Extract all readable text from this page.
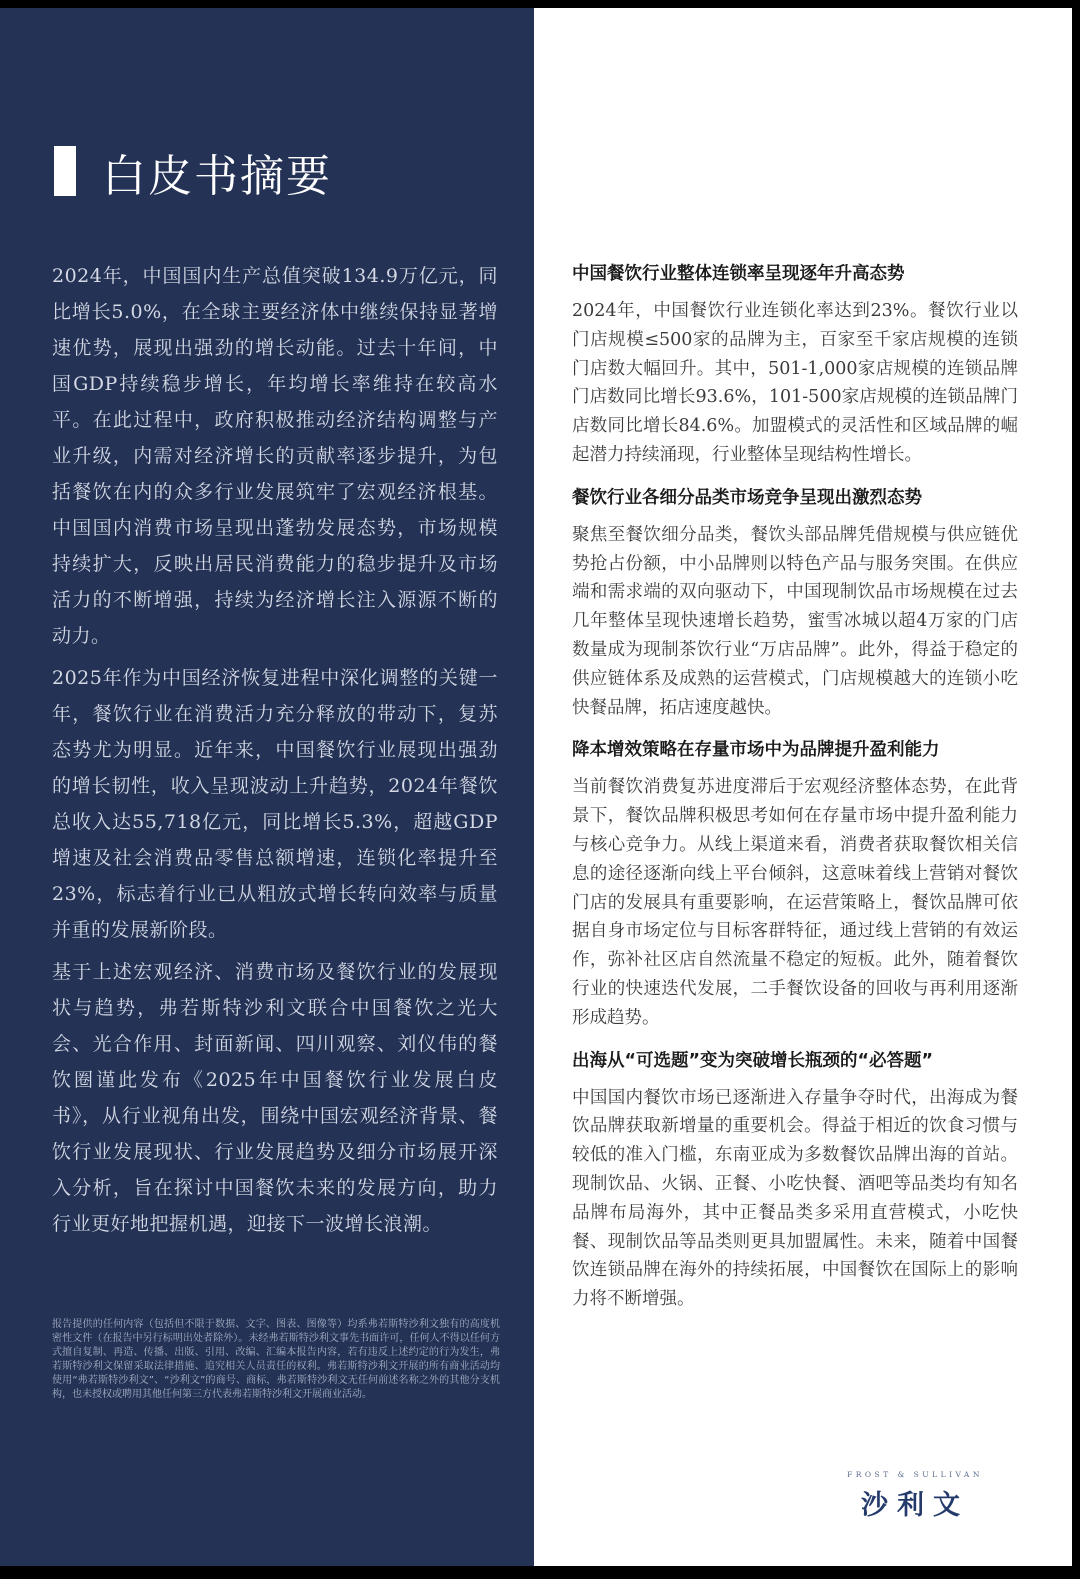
白皮书摘要

2024年，中国国内生产总值突破134.9万亿元，同比增长5.0%，在全球主要经济体中继续保持显著增速优势，展现出强劲的增长动能。过去十年间，中国GDP持续稳步增长，年均增长率维持在较高水平。在此过程中，政府积极推动经济结构调整与产业升级，内需对经济增长的贡献率逐步提升，为包括餐饮在内的众多行业发展筑牢了宏观经济根基。中国国内消费市场呈现出蓬勃发展态势，市场规模持续扩大，反映出居民消费能力的稳步提升及市场活力的不断增强，持续为经济增长注入源源不断的动力。

2025年作为中国经济恢复进程中深化调整的关键一年，餐饮行业在消费活力充分释放的带动下，复苏态势尤为明显。近年来，中国餐饮行业展现出强劲的增长韧性，收入呈现波动上升趋势，2024年餐饮总收入达55,718亿元，同比增长5.3%，超越GDP增速及社会消费品零售总额增速，连锁化率提升至23%，标志着行业已从粗放式增长转向效率与质量并重的发展新阶段。

基于上述宏观经济、消费市场及餐饮行业的发展现状与趋势，弗若斯特沙利文联合中国餐饮之光大会、光合作用、封面新闻、四川观察、刘仪伟的餐饮圈谨此发布《2025年中国餐饮行业发展白皮书》，从行业视角出发，围绕中国宏观经济背景、餐饮行业发展现状、行业发展趋势及细分市场展开深入分析，旨在探讨中国餐饮未来的发展方向，助力行业更好地把握机遇，迎接下一波增长浪潮。

报告提供的任何内容（包括但不限于数据、文字、图表、图像等）均系弗若斯特沙利文独有的高度机密性文件（在报告中另行标明出处者除外）。未经弗若斯特沙利文事先书面许可，任何人不得以任何方式擅自复制、再造、传播、出版、引用、改编、汇编本报告内容，若有违反上述约定的行为发生，弗若斯特沙利文保留采取法律措施、追究相关人员责任的权利。弗若斯特沙利文开展的所有商业活动均使用“弗若斯特沙利文”、“沙利文”的商号、商标，弗若斯特沙利文无任何前述名称之外的其他分支机构，也未授权或聘用其他任何第三方代表弗若斯特沙利文开展商业活动。
中国餐饮行业整体连锁率呈现逐年升高态势

2024年，中国餐饮行业连锁化率达到23%。餐饮行业以门店规模≤500家的品牌为主，百家至千家店规模的连锁门店数大幅回升。其中，501-1,000家店规模的连锁品牌门店数同比增长93.6%，101-500家店规模的连锁品牌门店数同比增长84.6%。加盟模式的灵活性和区域品牌的崛起潜力持续涌现，行业整体呈现结构性增长。

餐饮行业各细分品类市场竞争呈现出激烈态势

聚焦至餐饮细分品类，餐饮头部品牌凭借规模与供应链优势抢占份额，中小品牌则以特色产品与服务突围。在供应端和需求端的双向驱动下，中国现制饮品市场规模在过去几年整体呈现快速增长趋势，蜜雪冰城以超4万家的门店数量成为现制茶饮行业“万店品牌”。此外，得益于稳定的供应链体系及成熟的运营模式，门店规模越大的连锁小吃快餐品牌，拓店速度越快。

降本增效策略在存量市场中为品牌提升盈利能力

当前餐饮消费复苏进度滞后于宏观经济整体态势，在此背景下，餐饮品牌积极思考如何在存量市场中提升盈利能力与核心竞争力。从线上渠道来看，消费者获取餐饮相关信息的途径逐渐向线上平台倾斜，这意味着线上营销对餐饮门店的发展具有重要影响，在运营策略上，餐饮品牌可依据自身市场定位与目标客群特征，通过线上营销的有效运作，弥补社区店自然流量不稳定的短板。此外，随着餐饮行业的快速迭代发展，二手餐饮设备的回收与再利用逐渐形成趋势。

出海从“可选题”变为突破增长瓶颈的“必答题”

中国国内餐饮市场已逐渐进入存量争夺时代，出海成为餐饮品牌获取新增量的重要机会。得益于相近的饮食习惯与较低的准入门槛，东南亚成为多数餐饮品牌出海的首站。现制饮品、火锅、正餐、小吃快餐、酒吧等品类均有知名品牌布局海外，其中正餐品类多采用直营模式，小吃快餐、现制饮品等品类则更具加盟属性。未来，随着中国餐饮连锁品牌在海外的持续拓展，中国餐饮在国际上的影响力将不断增强。

FROST & SULLIVAN
沙利文
